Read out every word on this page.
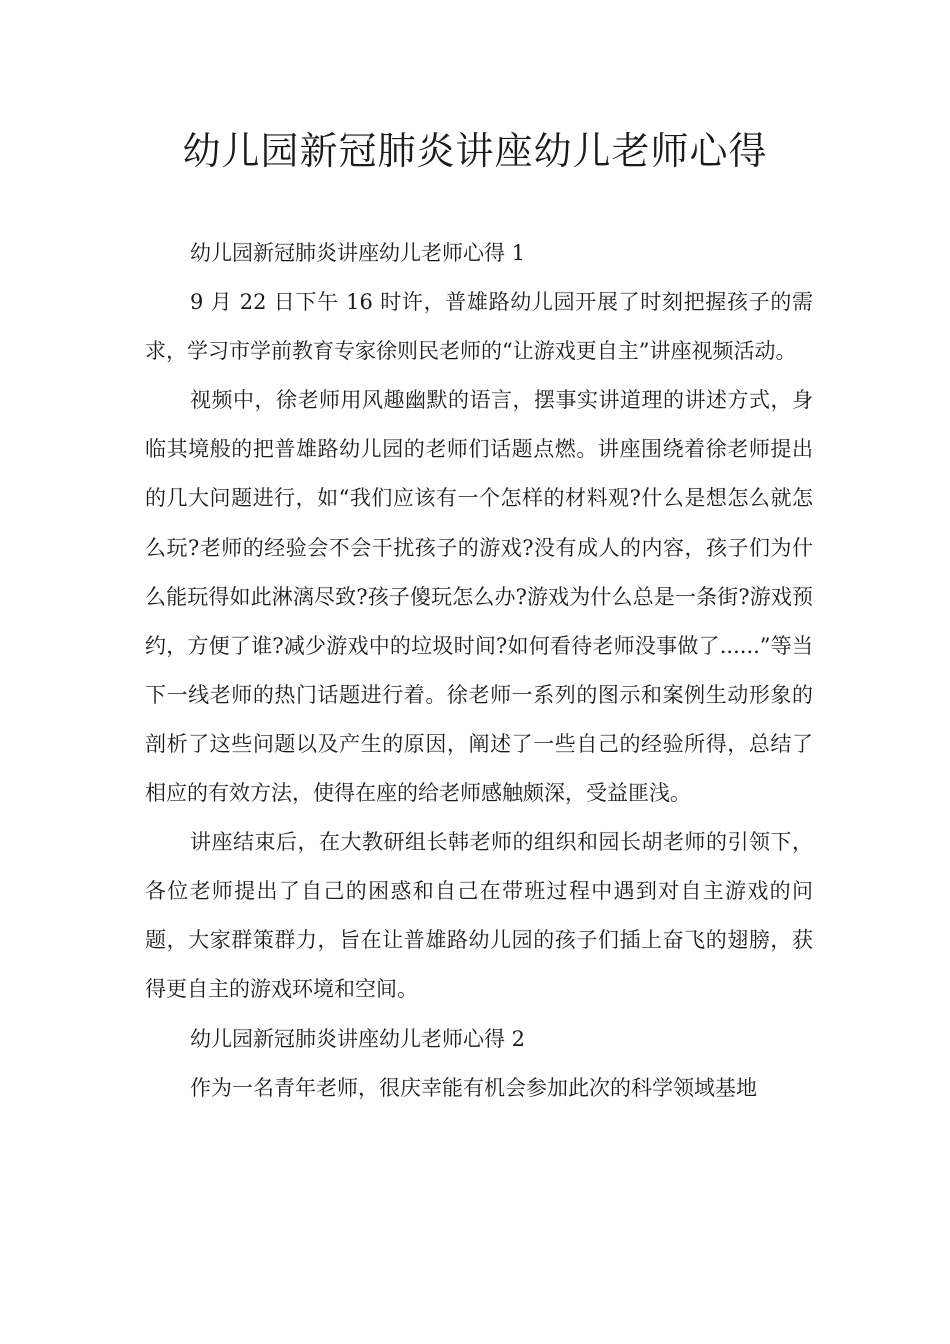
幼儿园新冠肺炎讲座幼儿老师心得

幼儿园新冠肺炎讲座幼儿老师心得 1

9 月 22 日下午 16 时许，普雄路幼儿园开展了时刻把握孩子的需求，学习市学前教育专家徐则民老师的“让游戏更自主”讲座视频活动。

视频中，徐老师用风趣幽默的语言，摆事实讲道理的讲述方式，身临其境般的把普雄路幼儿园的老师们话题点燃。讲座围绕着徐老师提出的几大问题进行，如“我们应该有一个怎样的材料观?什么是想怎么就怎么玩?老师的经验会不会干扰孩子的游戏?没有成人的内容，孩子们为什么能玩得如此淋漓尽致?孩子傻玩怎么办?游戏为什么总是一条街?游戏预约，方便了谁?减少游戏中的垃圾时间?如何看待老师没事做了......”等当下一线老师的热门话题进行着。徐老师一系列的图示和案例生动形象的剖析了这些问题以及产生的原因，阐述了一些自己的经验所得，总结了相应的有效方法，使得在座的给老师感触颇深，受益匪浅。

讲座结束后，在大教研组长韩老师的组织和园长胡老师的引领下，各位老师提出了自己的困惑和自己在带班过程中遇到对自主游戏的问题，大家群策群力，旨在让普雄路幼儿园的孩子们插上奋飞的翅膀，获得更自主的游戏环境和空间。

幼儿园新冠肺炎讲座幼儿老师心得 2

作为一名青年老师，很庆幸能有机会参加此次的科学领域基地
